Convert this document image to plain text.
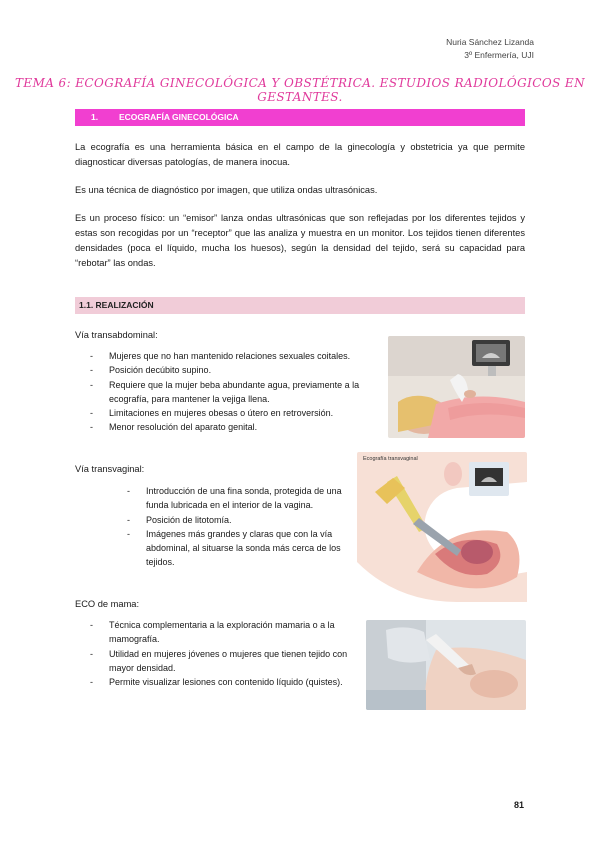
Nuria Sánchez Lizanda
3º Enfermería, UJI
TEMA 6: ECOGRAFÍA GINECOLÓGICA Y OBSTÉTRICA. ESTUDIOS RADIOLÓGICOS EN GESTANTES.
1. ECOGRAFÍA GINECOLÓGICA
La ecografía es una herramienta básica en el campo de la ginecología y obstetricia ya que permite diagnosticar diversas patologías, de manera inocua.
Es una técnica de diagnóstico por imagen, que utiliza ondas ultrasónicas.
Es un proceso físico: un “emisor” lanza ondas ultrasónicas que son reflejadas por los diferentes tejidos y estas son recogidas por un “receptor” que las analiza y muestra en un monitor. Los tejidos tienen diferentes densidades (poca el líquido, mucha los huesos), según la densidad del tejido, será su capacidad para “rebotar” las ondas.
1.1. REALIZACIÓN
Vía transabdominal:
- Mujeres que no han mantenido relaciones sexuales coitales.
- Posición decúbito supino.
- Requiere que la mujer beba abundante agua, previamente a la ecografía, para mantener la vejiga llena.
- Limitaciones en mujeres obesas o útero en retroversión.
- Menor resolución del aparato genital.
Vía transvaginal:
- Introducción de una fina sonda, protegida de una funda lubricada en el interior de la vagina.
- Posición de litotomía.
- Imágenes más grandes y claras que con la vía abdominal, al situarse la sonda más cerca de los tejidos.
Ecografía transvaginal
ECO de mama:
- Técnica complementaria a la exploración mamaria o a la mamografía.
- Utilidad en mujeres jóvenes o mujeres que tienen tejido con mayor densidad.
- Permite visualizar lesiones con contenido líquido (quistes).
81
